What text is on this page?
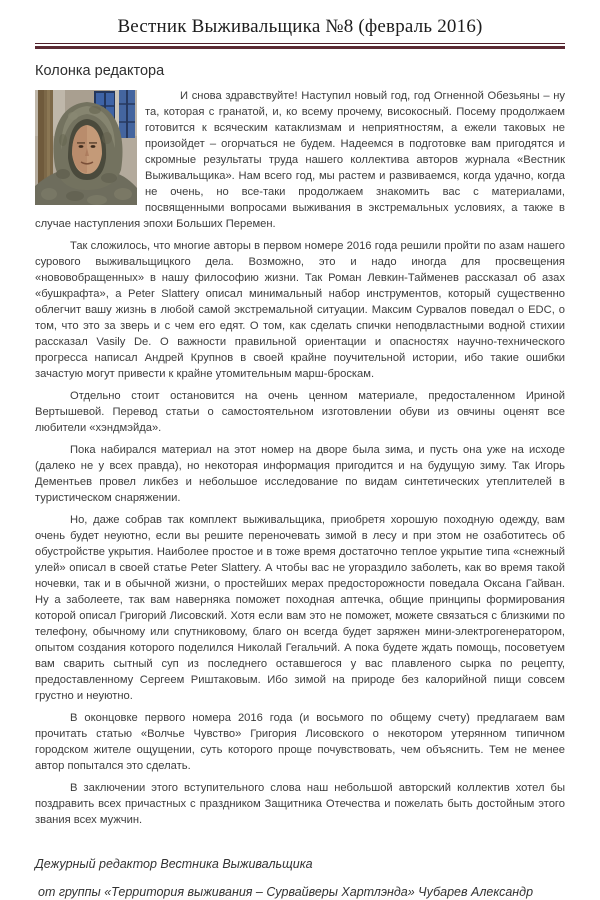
Вестник Выживальщика №8 (февраль 2016)
Колонка редактора

И снова здравствуйте! Наступил новый год, год Огненной Обезьяны – ну та, которая с гранатой, и, ко всему прочему, високосный. Посему продолжаем готовится к всяческим катаклизмам и неприятностям, а ежели таковых не произойдет – огорчаться не будем. Надеемся в подготовке вам пригодятся и скромные результаты труда нашего коллектива авторов журнала «Вестник Выживальщика». Нам всего год, мы растем и развиваемся, когда удачно, когда не очень, но все-таки продолжаем знакомить вас с материалами, посвященными вопросами выживания в экстремальных условиях, а также в случае наступления эпохи Больших Перемен.

Так сложилось, что многие авторы в первом номере 2016 года решили пройти по азам нашего сурового выживальщицкого дела. Возможно, это и надо иногда для просвещения «нововобращенных» в нашу философию жизни. Так Роман Левкин-Тайменев рассказал об азах «бушкрафта», а Peter Slattery описал минимальный набор инструментов, который существенно облегчит вашу жизнь в любой самой экстремальной ситуации. Максим Сурвалов поведал о EDC, о том, что это за зверь и с чем его едят. О том, как сделать спички неподвластными водной стихии рассказал Vasily De. О важности правильной ориентации и опасностях научно-технического прогресса написал Андрей Крупнов в своей крайне поучительной истории, ибо такие ошибки зачастую могут привести к крайне утомительным марш-броскам.

Отдельно стоит остановится на очень ценном материале, предосталенном Ириной Вертышевой. Перевод статьи о самостоятельном изготовлении обуви из овчины оценят все любители «хэндмэйда».

Пока набирался материал на этот номер на дворе была зима, и пусть она уже на исходе (далеко не у всех правда), но некоторая информация пригодится и на будущую зиму. Так Игорь Дементьев провел ликбез и небольшое исследование по видам синтетических утеплителей в туристическом снаряжении.

Но, даже собрав так комплект выживальщика, приобретя хорошую походную одежду, вам очень будет неуютно, если вы решите переночевать зимой в лесу и при этом не озаботитесь об обустройстве укрытия. Наиболее простое и в тоже время достаточно теплое укрытие типа «снежный улей» описал в своей статье Peter Slattery. А чтобы вас не угораздило заболеть, как во время такой ночевки, так и в обычной жизни, о простейших мерах предосторожности поведала Оксана Гайван. Ну а заболеете, так вам наверняка поможет походная аптечка, общие принципы формирования которой описал Григорий Лисовский. Хотя если вам это не поможет, можете связаться с близкими по телефону, обычному или спутниковому, благо он всегда будет заряжен мини-электрогенератором, опытом создания которого поделился Николай Гегальчий. А пока будете ждать помощь, посоветуем вам сварить сытный суп из последнего оставшегося у вас плавленого сырка по рецепту, предоставленному Сергеем Риштаковым. Ибо зимой на природе без калорийной пищи совсем грустно и неуютно.

В оконцовке первого номера 2016 года (и восьмого по общему счету) предлагаем вам прочитать статью «Волчье Чувство» Григория Лисовского о некотором утерянном типичном городском жителе ощущении, суть которого проще почувствовать, чем объяснить. Тем не менее автор попытался это сделать.

В заключении этого вступительного слова наш небольшой авторский коллектив хотел бы поздравить всех причастных с праздником Защитника Отечества и пожелать быть достойным этого звания всех мужчин.

Дежурный редактор Вестника Выживальщика
от группы «Территория выживания – Сурвайверы Хартлэнда» Чубарев Александр
